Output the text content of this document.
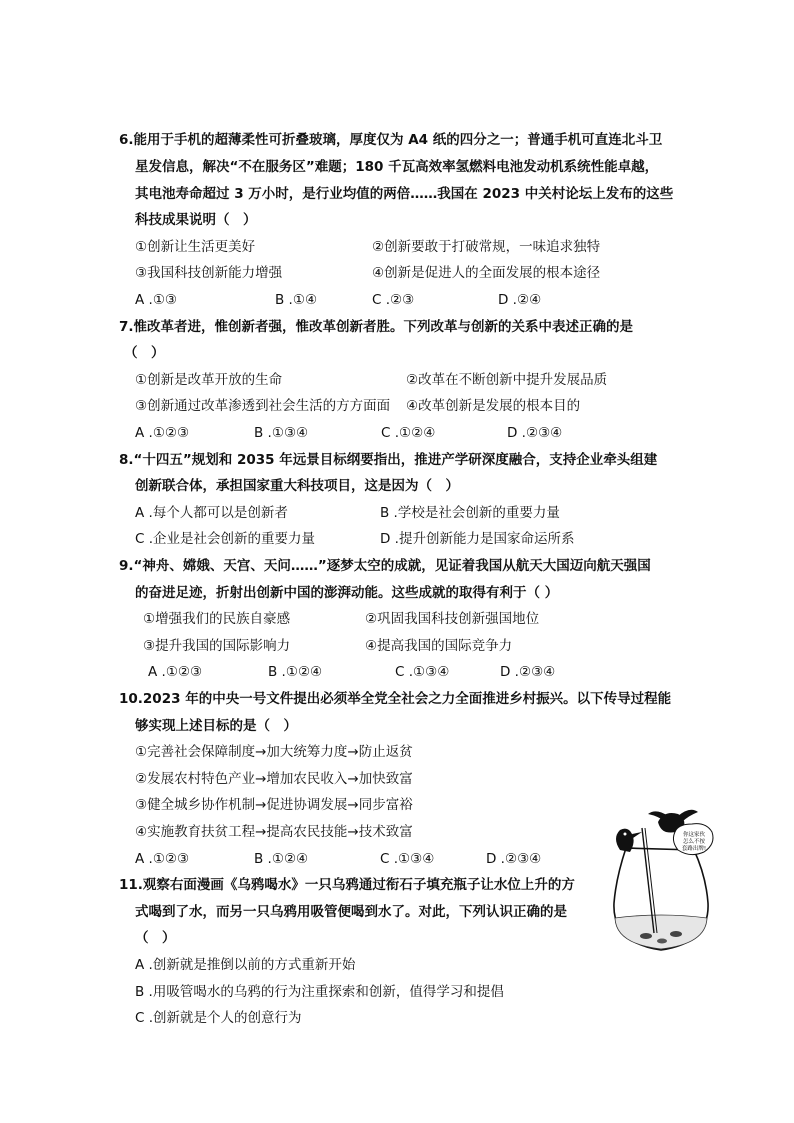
6.能用于手机的超薄柔性可折叠玻璃，厚度仅为 A4 纸的四分之一；普通手机可直连北斗卫
星发信息，解决“不在服务区”难题；180 千瓦高效率氢燃料电池发动机系统性能卓越，
其电池寿命超过 3 万小时，是行业均值的两倍……我国在 2023 中关村论坛上发布的这些
科技成果说明（　）
①创新让生活更美好	②创新要敢于打破常规，一味追求独特
③我国科技创新能力增强	④创新是促进人的全面发展的根本途径
A .①③	B .①④	C .②③	D .②④
7.惟改革者进，惟创新者强，惟改革创新者胜。下列改革与创新的关系中表述正确的是
（　）
①创新是改革开放的生命	②改革在不断创新中提升发展品质
③创新通过改革渗透到社会生活的方方面面 ④改革创新是发展的根本目的
A .①②③	B .①③④	C .①②④	D .②③④
8.“十四五”规划和 2035 年远景目标纲要指出，推进产学研深度融合，支持企业牵头组建
创新联合体，承担国家重大科技项目，这是因为（　）
A .每个人都可以是创新者	B .学校是社会创新的重要力量
C .企业是社会创新的重要力量	D .提升创新能力是国家命运所系
9.“神舟、嫦娥、天宫、天问……”逐梦太空的成就，见证着我国从航天大国迈向航天强国
的奋进足迹，折射出创新中国的澎湃动能。这些成就的取得有利于（ ）
①增强我们的民族自豪感	②巩固我国科技创新强国地位
③提升我国的国际影响力	④提高我国的国际竞争力
A .①②③	B .①②④	C .①③④	D .②③④
10.2023 年的中央一号文件提出必须举全党全社会之力全面推进乡村振兴。以下传导过程能
够实现上述目标的是（　）
①完善社会保障制度→加大统筹力度→防止返贫
②发展农村特色产业→增加农民收入→加快致富
③健全城乡协作机制→促进协调发展→同步富裕
④实施教育扶贫工程→提高农民技能→技术致富
A .①②③	B .①②④	C .①③④	D .②③④
11.观察右面漫画《乌鸦喝水》一只乌鸦通过衔石子填充瓶子让水位上升的方
式喝到了水，而另一只乌鸦用吸管便喝到水了。对此，下列认识正确的是
（　）
A .创新就是推倒以前的方式重新开始
B .用吸管喝水的乌鸦的行为注重探索和创新，值得学习和提倡
C .创新就是个人的创意行为
你这家伙
怎么不按
套路出牌!
